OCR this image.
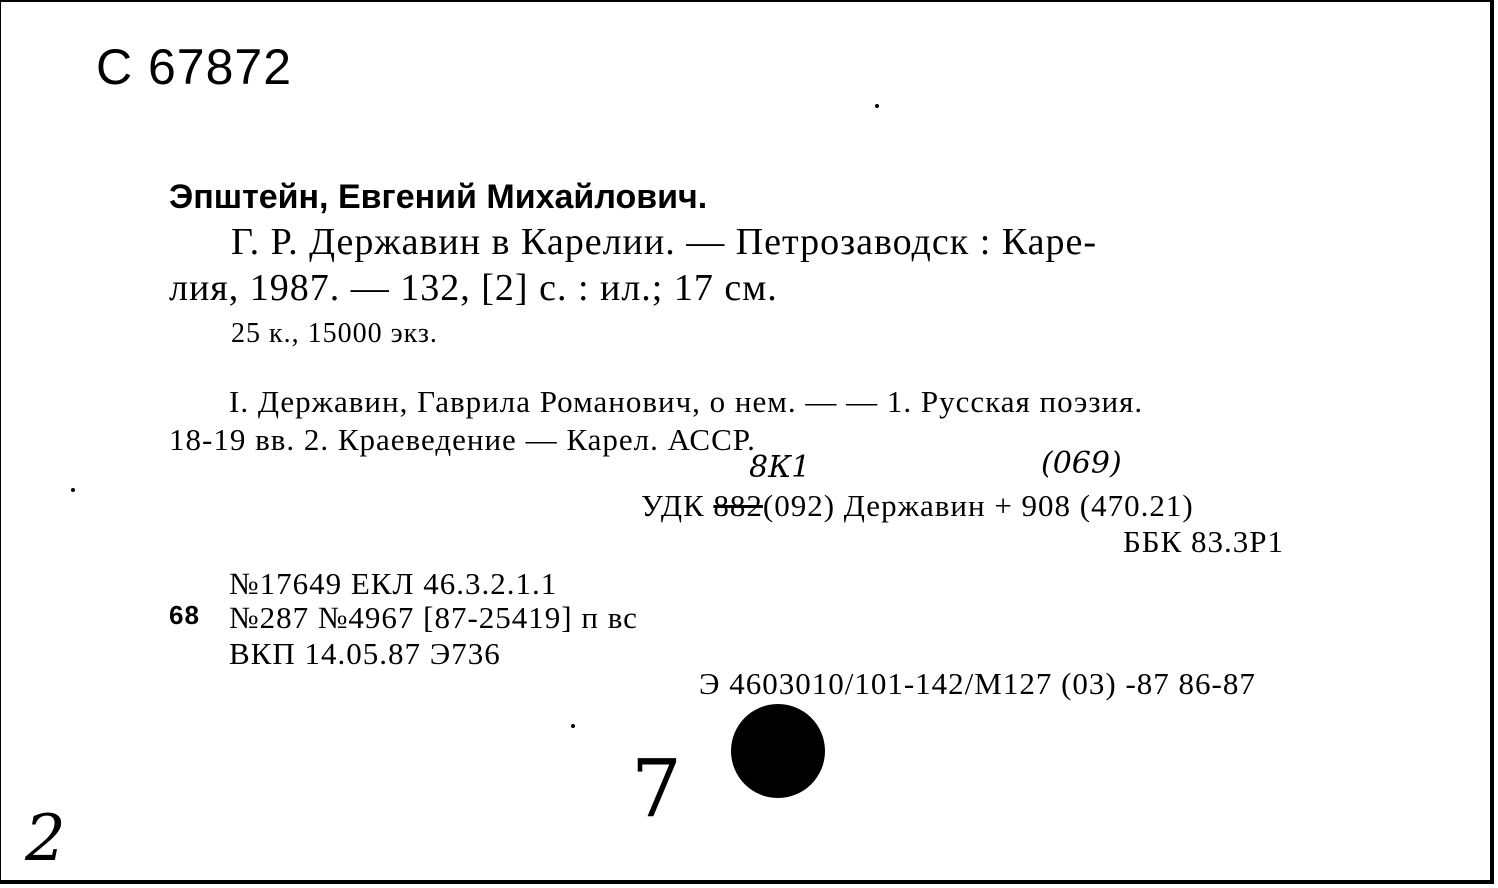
С 67872
Эпштейн, Евгений Михайлович.
Г. Р. Державин в Карелии. — Петрозаводск : Каре-
лия, 1987. — 132, [2] с. : ил.; 17 см.
25 к., 15000 экз.
I. Державин, Гаврила Романович, о нем. — — 1. Русская поэзия.
18-19 вв. 2. Краеведение — Карел. АССР.
8К1	(069)
УДК 882(092) Державин + 908 (470.21)
ББК 83.3Р1
№17649 ЕКЛ 46.3.2.1.1
68 №287 №4967 [87-25419] п вс
ВКП 14.05.87 Э736
Э 4603010/101-142/М127 (03) -87 86-87
7
2
